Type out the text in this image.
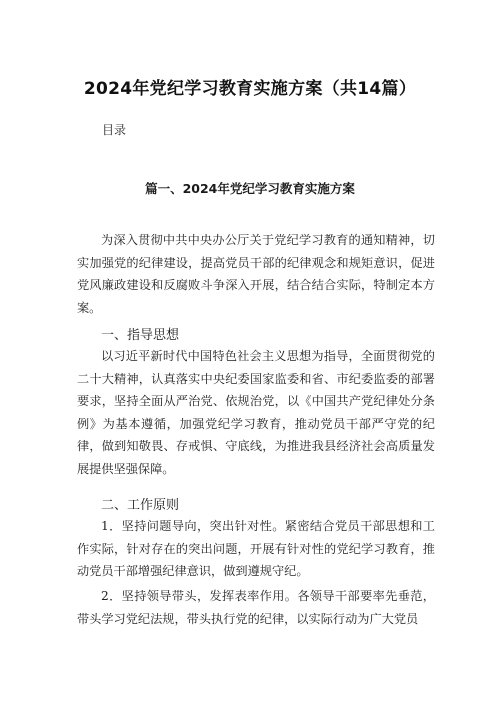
2024年党纪学习教育实施方案（共14篇）
目录
篇一、2024年党纪学习教育实施方案
为深入贯彻中共中央办公厅关于党纪学习教育的通知精神，切实加强党的纪律建设，提高党员干部的纪律观念和规矩意识，促进党风廉政建设和反腐败斗争深入开展，结合结合实际，特制定本方案。
一、指导思想
以习近平新时代中国特色社会主义思想为指导，全面贯彻党的二十大精神，认真落实中央纪委国家监委和省、市纪委监委的部署要求，坚持全面从严治党、依规治党，以《中国共产党纪律处分条例》为基本遵循，加强党纪学习教育，推动党员干部严守党的纪律，做到知敬畏、存戒惧、守底线，为推进我县经济社会高质量发展提供坚强保障。
二、工作原则
1．坚持问题导向，突出针对性。紧密结合党员干部思想和工作实际，针对存在的突出问题，开展有针对性的党纪学习教育，推动党员干部增强纪律意识，做到遵规守纪。
2．坚持领导带头，发挥表率作用。各领导干部要率先垂范，带头学习党纪法规，带头执行党的纪律，以实际行动为广大党员
